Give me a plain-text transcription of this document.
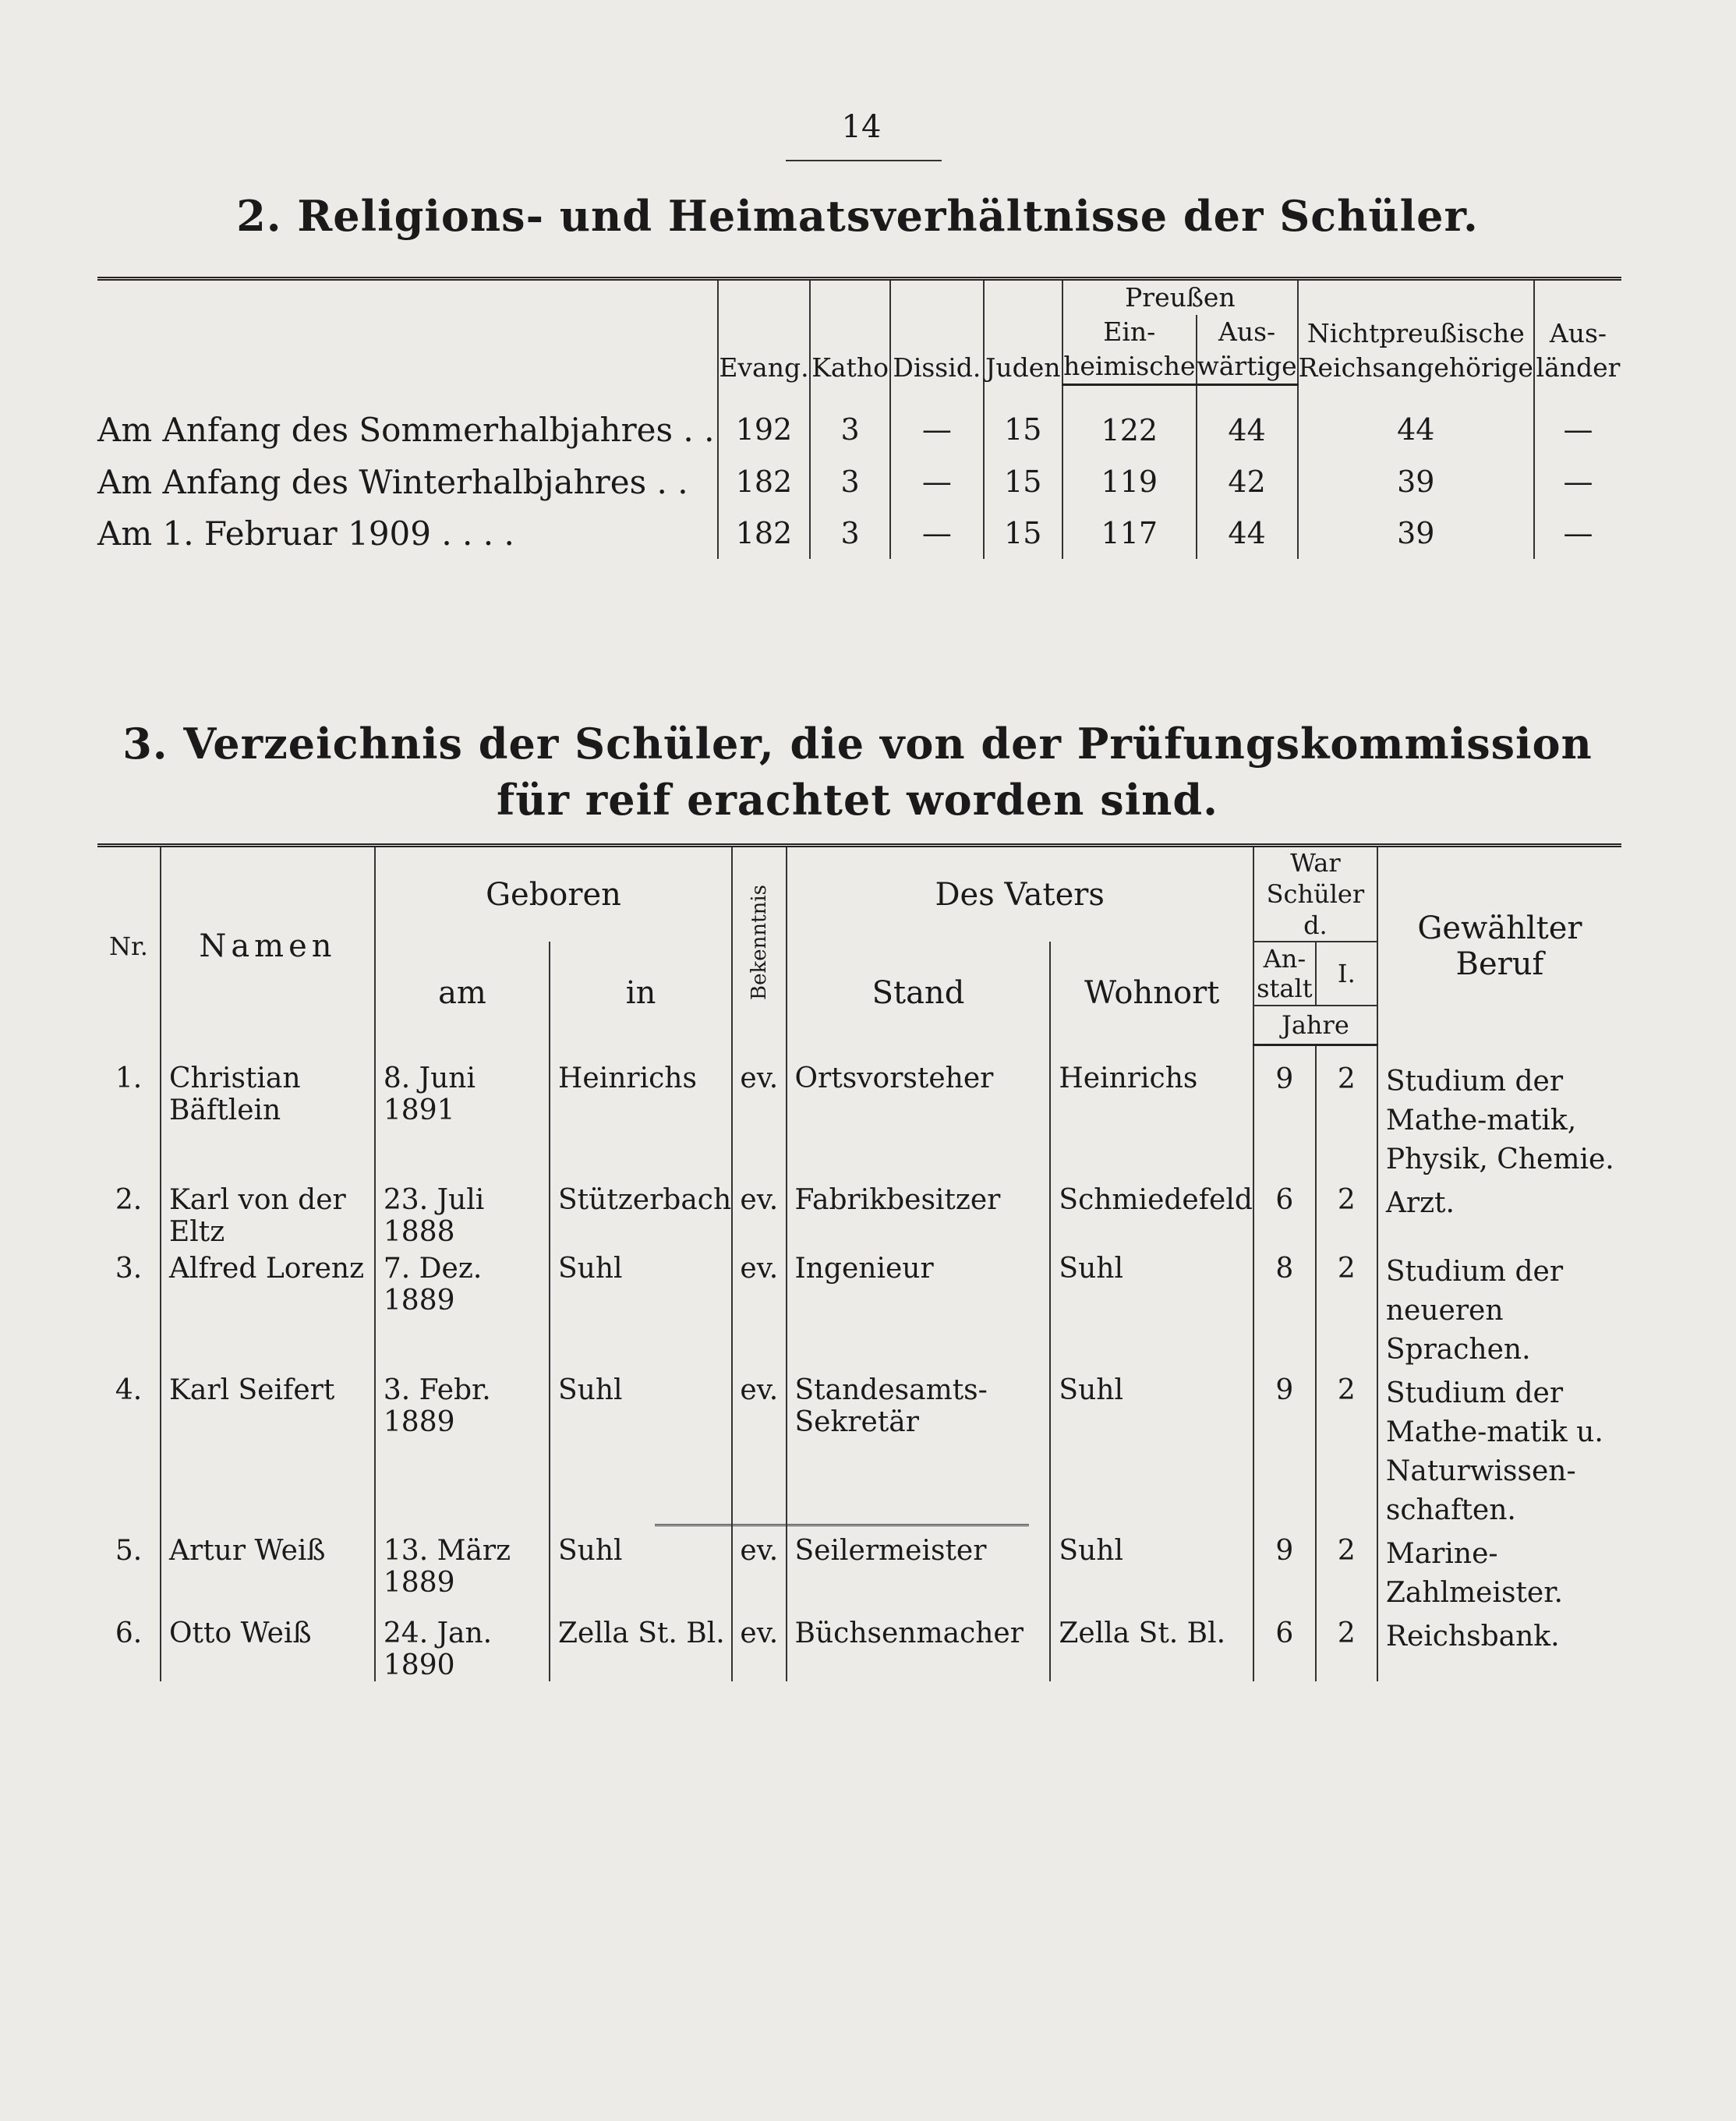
14
2. Religions- und Heimatsverhältnisse der Schüler.
	Evang.	Katho	Dissid.	Juden	Preußen		Nichtpreußische Reichsangehörige	Aus-länder
					Ein-heimische	Aus-wärtige		
Am Anfang des Sommerhalbjahres . .	192	3	—	15	122	44	44	—
Am Anfang des Winterhalbjahres . .	182	3	—	15	119	42	39	—
Am 1. Februar 1909 . . . .	182	3	—	15	117	44	39	—
3. Verzeichnis der Schüler, die von der Prüfungskommission
für reif erachtet worden sind.
Nr.	Namen	Geboren		Bekenntnis	Des Vaters		War Schüler d.		Gewählter Beruf
		am	in		Stand	Wohnort	An-stalt	I.	
							Jahre		
1.	Christian Bäftlein	8. Juni 1891	Heinrichs	ev.	Ortsvorsteher	Heinrichs	9	2	Studium der Mathe-matik, Physik, Chemie.
2.	Karl von der Eltz	23. Juli 1888	Stützerbach	ev.	Fabrikbesitzer	Schmiedefeld	6	2	Arzt.
3.	Alfred Lorenz	7. Dez. 1889	Suhl	ev.	Ingenieur	Suhl	8	2	Studium der neueren Sprachen.
4.	Karl Seifert	3. Febr. 1889	Suhl	ev.	Standesamts-Sekretär	Suhl	9	2	Studium der Mathe-matik u. Naturwissen-schaften.
5.	Artur Weiß	13. März 1889	Suhl	ev.	Seilermeister	Suhl	9	2	Marine-Zahlmeister.
6.	Otto Weiß	24. Jan. 1890	Zella St. Bl.	ev.	Büchsenmacher	Zella St. Bl.	6	2	Reichsbank.
